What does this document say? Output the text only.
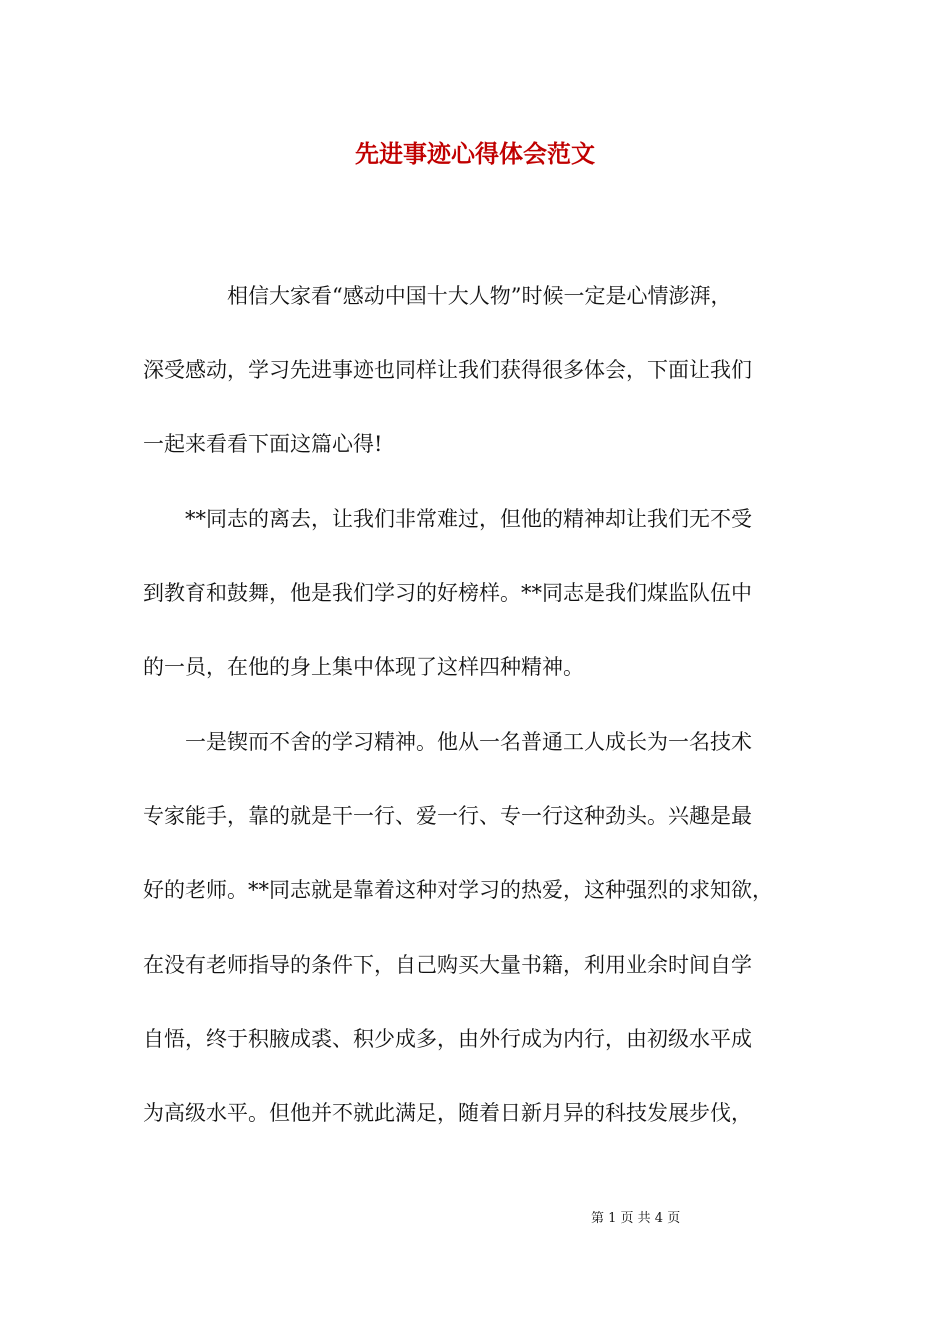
先进事迹心得体会范文
　　　　相信大家看“感动中国十大人物”时候一定是心情澎湃，
深受感动，学习先进事迹也同样让我们获得很多体会，下面让我们
一起来看看下面这篇心得!
　　**同志的离去，让我们非常难过，但他的精神却让我们无不受
到教育和鼓舞，他是我们学习的好榜样。**同志是我们煤监队伍中
的一员，在他的身上集中体现了这样四种精神。
　　一是锲而不舍的学习精神。他从一名普通工人成长为一名技术
专家能手，靠的就是干一行、爱一行、专一行这种劲头。兴趣是最
好的老师。**同志就是靠着这种对学习的热爱，这种强烈的求知欲，
在没有老师指导的条件下，自己购买大量书籍，利用业余时间自学
自悟，终于积腋成裘、积少成多，由外行成为内行，由初级水平成
为高级水平。但他并不就此满足，随着日新月异的科技发展步伐，
第 1 页 共 4 页
